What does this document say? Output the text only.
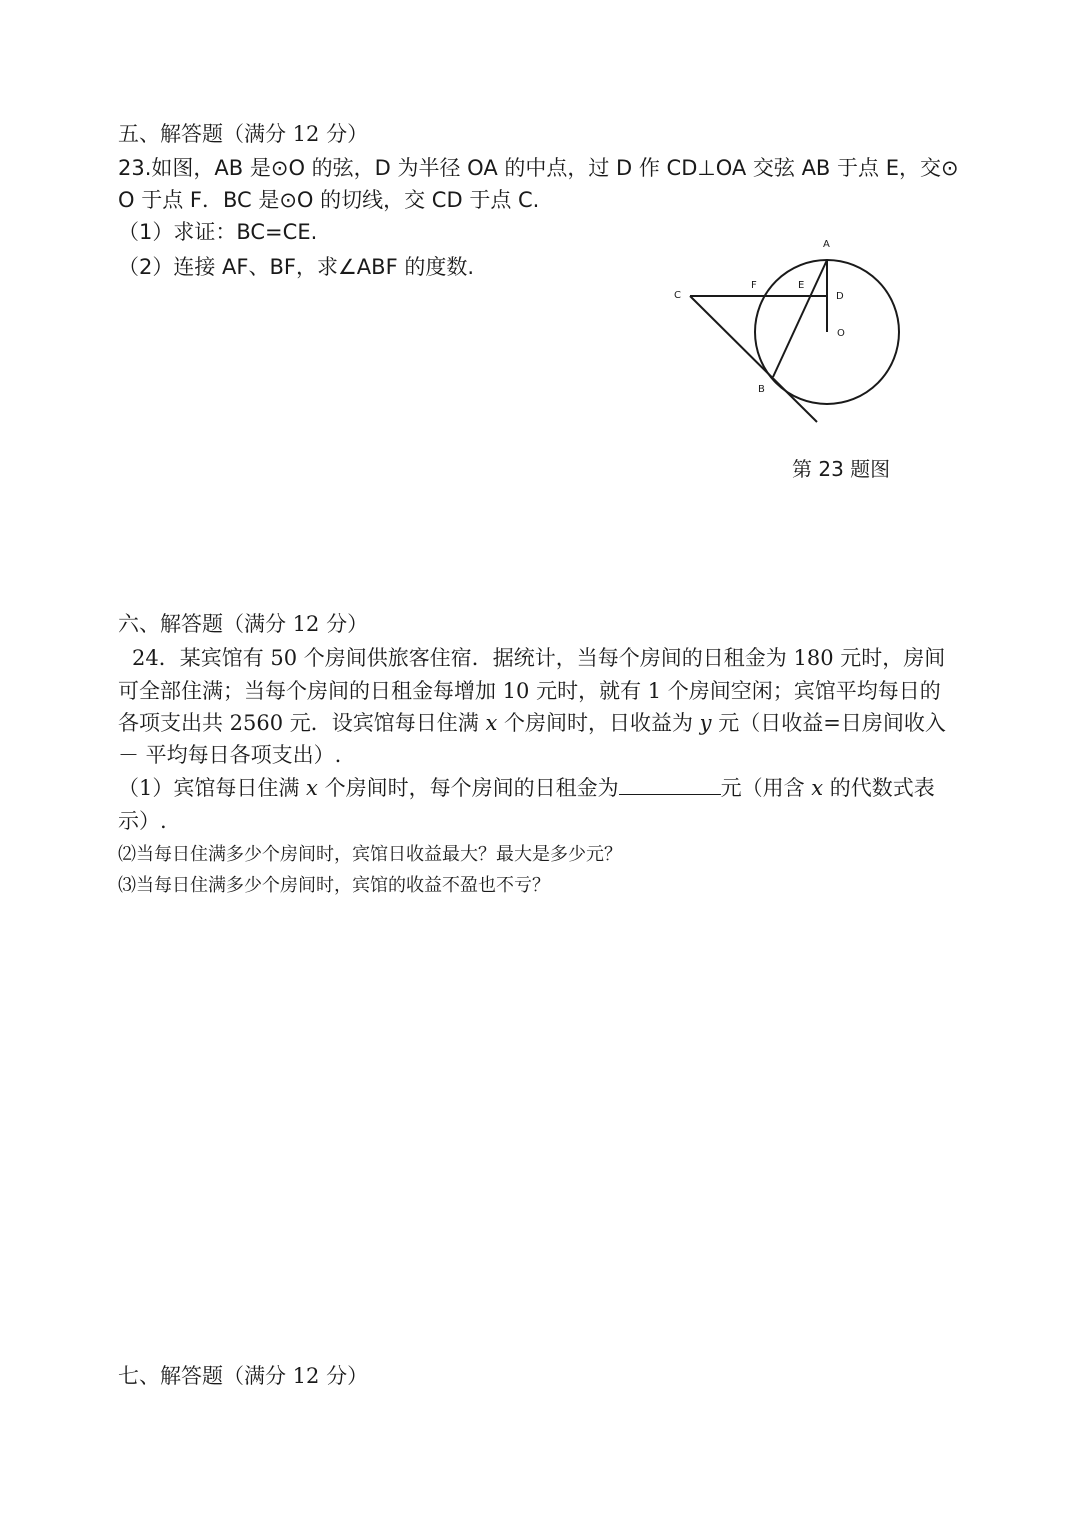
五、解答题（满分 12 分）
23.如图，AB 是⊙O 的弦，D 为半径 OA 的中点，过 D 作 CD⊥OA 交弦 AB 于点 E，交⊙
O 于点 F．BC 是⊙O 的切线，交 CD 于点 C.
（1）求证：BC=CE.
（2）连接 AF、BF，求∠ABF 的度数.
A
B
C	D
E
F
O
第 23 题图
六、解答题（满分 12 分）
24．某宾馆有 50 个房间供旅客住宿．据统计，当每个房间的日租金为 180 元时，房间
可全部住满；当每个房间的日租金每增加 10 元时，就有 1 个房间空闲；宾馆平均每日的
各项支出共 2560 元．设宾馆每日住满 x 个房间时，日收益为 y 元（日收益=日房间收入
－ 平均每日各项支出）.
（1）宾馆每日住满 x 个房间时，每个房间的日租金为	元（用含 x 的代数式表
示）.
⑵当每日住满多少个房间时，宾馆日收益最大？最大是多少元？
⑶当每日住满多少个房间时，宾馆的收益不盈也不亏？
七、解答题（满分 12 分）
